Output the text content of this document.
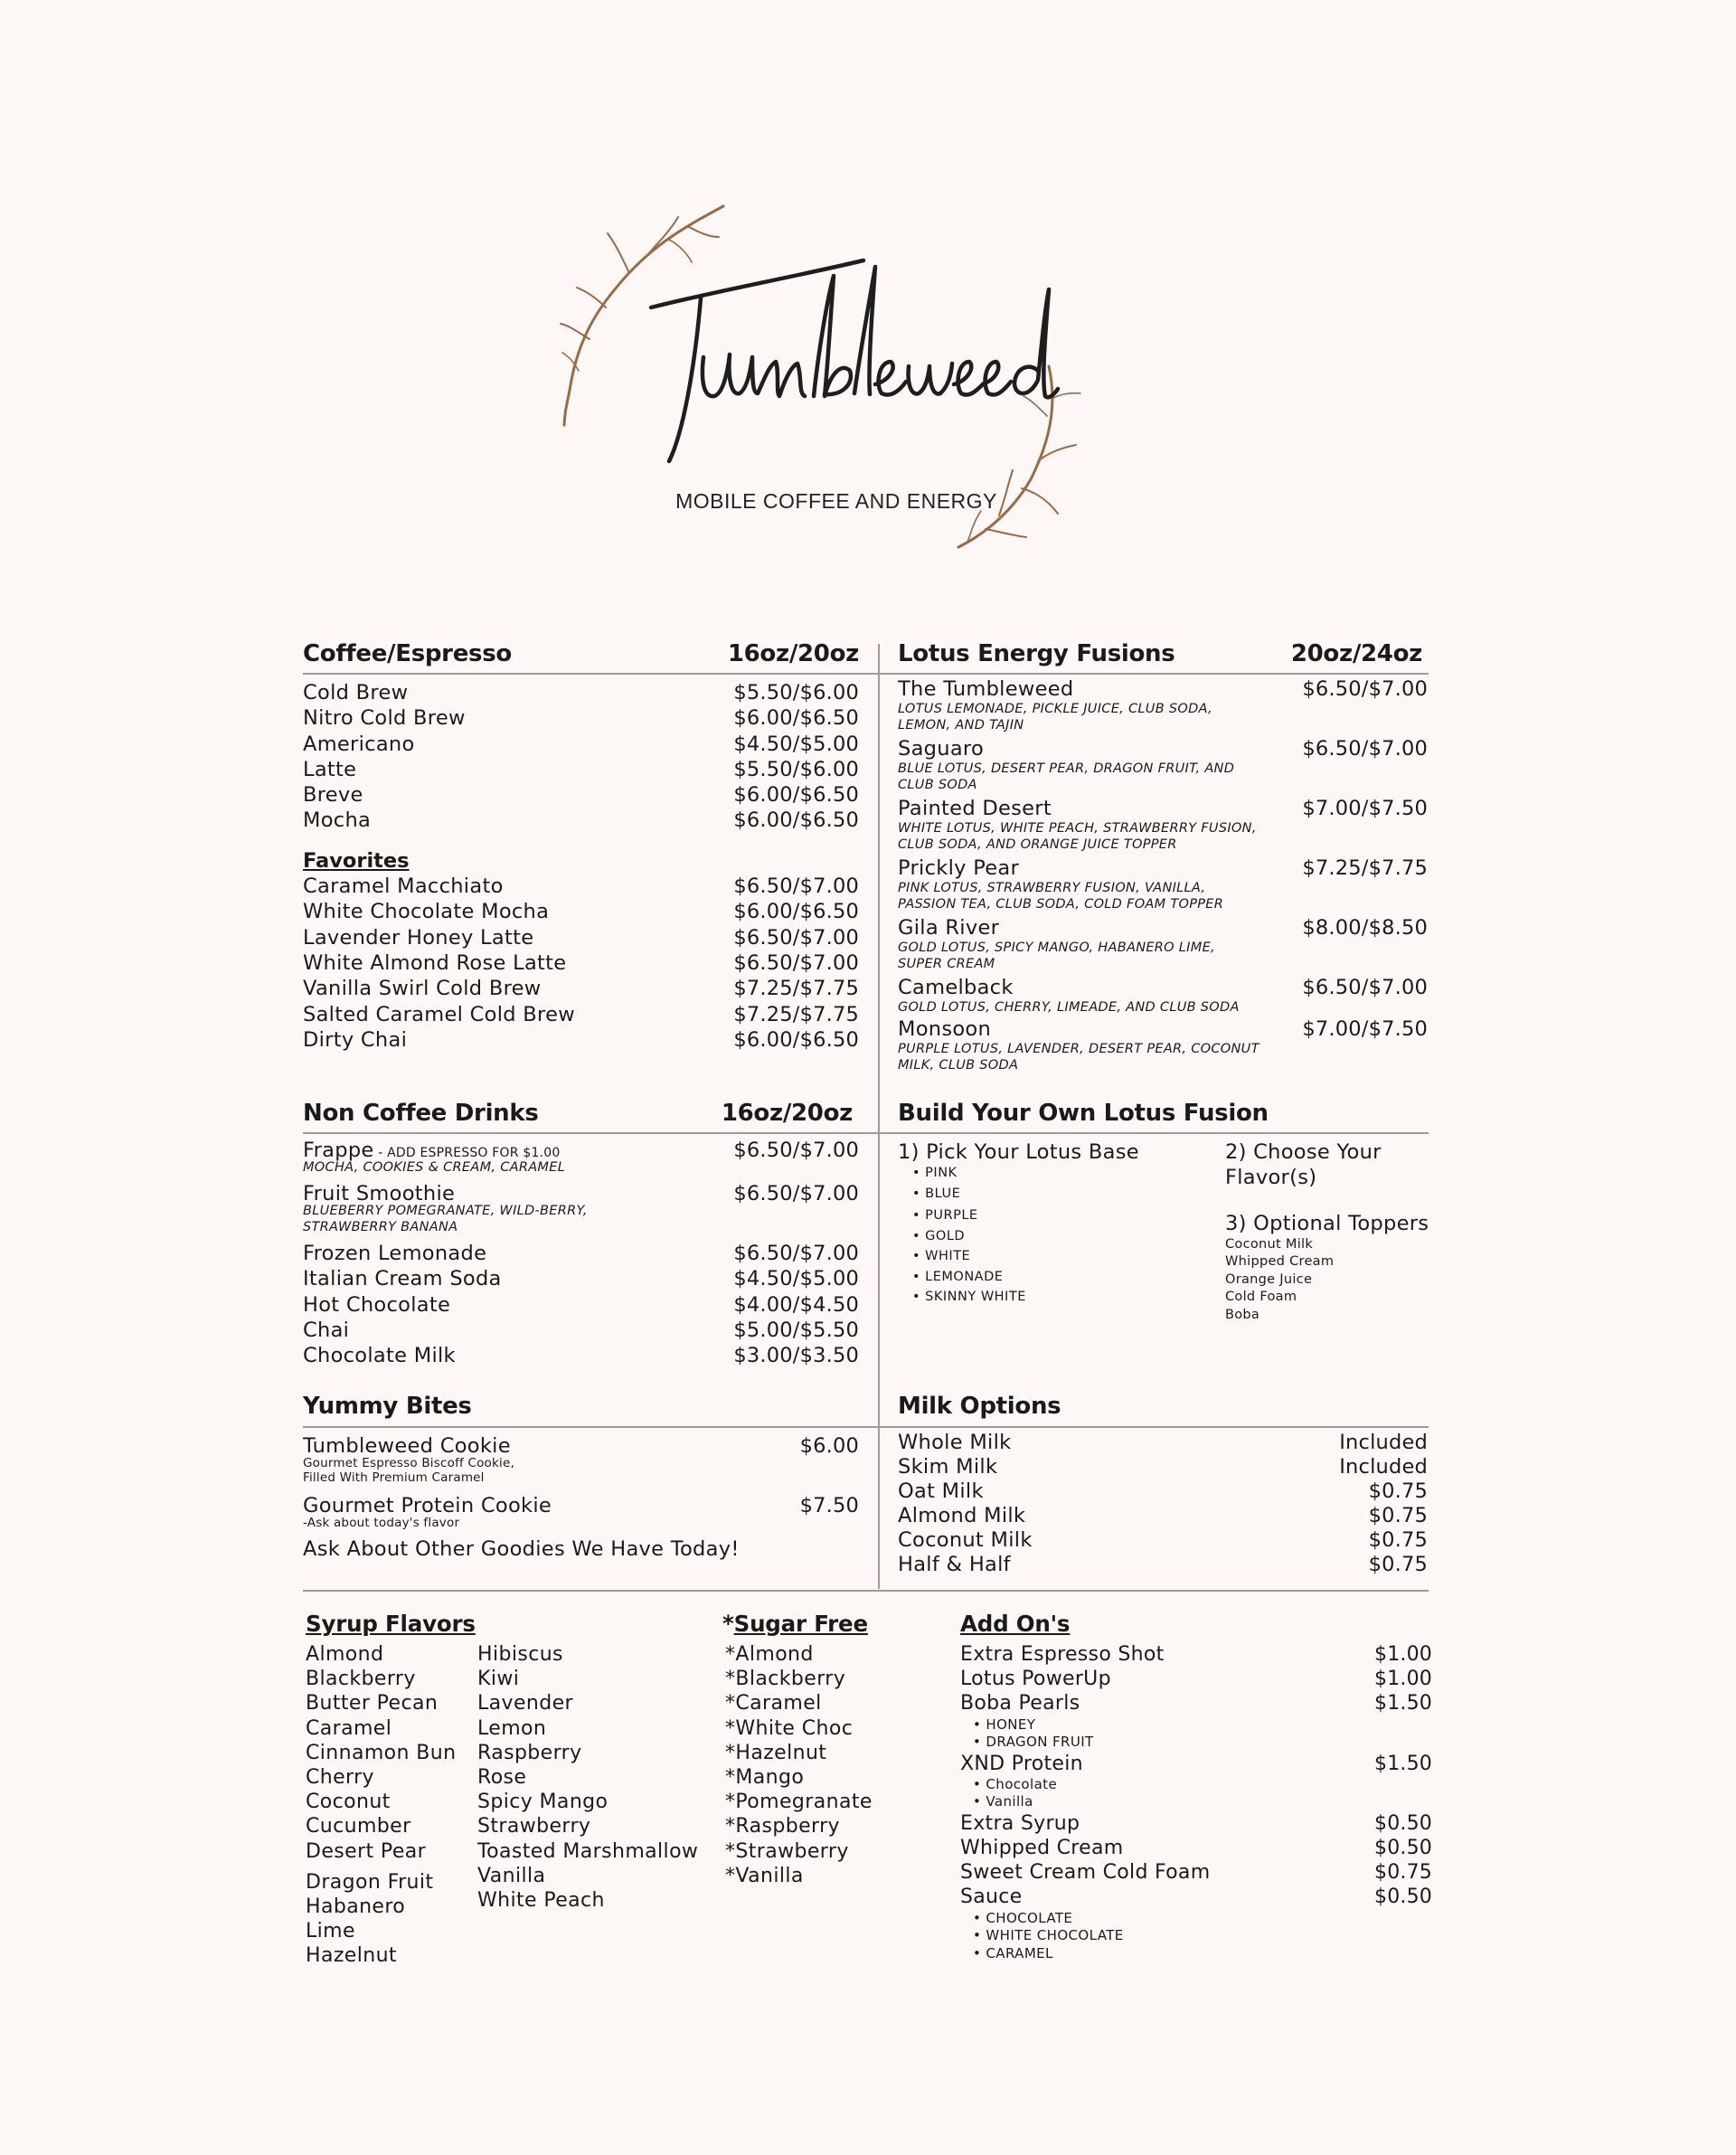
MOBILE COFFEE AND ENERGY
Coffee/Espresso	16oz/20oz
Cold Brew	$5.50/$6.00
Nitro Cold Brew	$6.00/$6.50
Americano	$4.50/$5.00
Latte	$5.50/$6.00
Breve	$6.00/$6.50
Mocha	$6.00/$6.50
Favorites
Caramel Macchiato	$6.50/$7.00
White Chocolate Mocha	$6.00/$6.50
Lavender Honey Latte	$6.50/$7.00
White Almond Rose Latte	$6.50/$7.00
Vanilla Swirl Cold Brew	$7.25/$7.75
Salted Caramel Cold Brew	$7.25/$7.75
Dirty Chai	$6.00/$6.50
Lotus Energy Fusions	20oz/24oz
The Tumbleweed	$6.50/$7.00
LOTUS LEMONADE, PICKLE JUICE, CLUB SODA,
LEMON, AND TAJIN
Saguaro	$6.50/$7.00
BLUE LOTUS, DESERT PEAR, DRAGON FRUIT, AND
CLUB SODA
Painted Desert	$7.00/$7.50
WHITE LOTUS, WHITE PEACH, STRAWBERRY FUSION,
CLUB SODA, AND ORANGE JUICE TOPPER
Prickly Pear	$7.25/$7.75
PINK LOTUS, STRAWBERRY FUSION, VANILLA,
PASSION TEA, CLUB SODA, COLD FOAM TOPPER
Gila River	$8.00/$8.50
GOLD LOTUS, SPICY MANGO, HABANERO LIME,
SUPER CREAM
Camelback	$6.50/$7.00
GOLD LOTUS, CHERRY, LIMEADE, AND CLUB SODA
Monsoon	$7.00/$7.50
PURPLE LOTUS, LAVENDER, DESERT PEAR, COCONUT
MILK, CLUB SODA
Non Coffee Drinks	16oz/20oz
Frappe - ADD ESPRESSO FOR $1.00	$6.50/$7.00
MOCHA, COOKIES & CREAM, CARAMEL
Fruit Smoothie	$6.50/$7.00
BLUEBERRY POMEGRANATE, WILD-BERRY,
STRAWBERRY BANANA
Frozen Lemonade	$6.50/$7.00
Italian Cream Soda	$4.50/$5.00
Hot Chocolate	$4.00/$4.50
Chai	$5.00/$5.50
Chocolate Milk	$3.00/$3.50
Build Your Own Lotus Fusion
1) Pick Your Lotus Base
• PINK
• BLUE
• PURPLE
• GOLD
• WHITE
• LEMONADE
• SKINNY WHITE
2) Choose Your
Flavor(s)
3) Optional Toppers
Coconut Milk
Whipped Cream
Orange Juice
Cold Foam
Boba
Yummy Bites
Tumbleweed Cookie	$6.00
Gourmet Espresso Biscoff Cookie,
Filled With Premium Caramel
Gourmet Protein Cookie	$7.50
-Ask about today's flavor
Ask About Other Goodies We Have Today!
Milk Options
Whole Milk	Included
Skim Milk	Included
Oat Milk	$0.75
Almond Milk	$0.75
Coconut Milk	$0.75
Half & Half	$0.75
Syrup Flavors
Almond
Blackberry
Butter Pecan
Caramel
Cinnamon Bun
Cherry
Coconut
Cucumber
Desert Pear
Dragon Fruit
Habanero
Lime
Hazelnut
Hibiscus
Kiwi
Lavender
Lemon
Raspberry
Rose
Spicy Mango
Strawberry
Toasted Marshmallow
Vanilla
White Peach
*Sugar Free
*Almond
*Blackberry
*Caramel
*White Choc
*Hazelnut
*Mango
*Pomegranate
*Raspberry
*Strawberry
*Vanilla
Add On's
Extra Espresso Shot	$1.00
Lotus PowerUp	$1.00
Boba Pearls	$1.50
• HONEY
• DRAGON FRUIT
XND Protein	$1.50
• Chocolate
• Vanilla
Extra Syrup	$0.50
Whipped Cream	$0.50
Sweet Cream Cold Foam	$0.75
Sauce	$0.50
• CHOCOLATE
• WHITE CHOCOLATE
• CARAMEL
